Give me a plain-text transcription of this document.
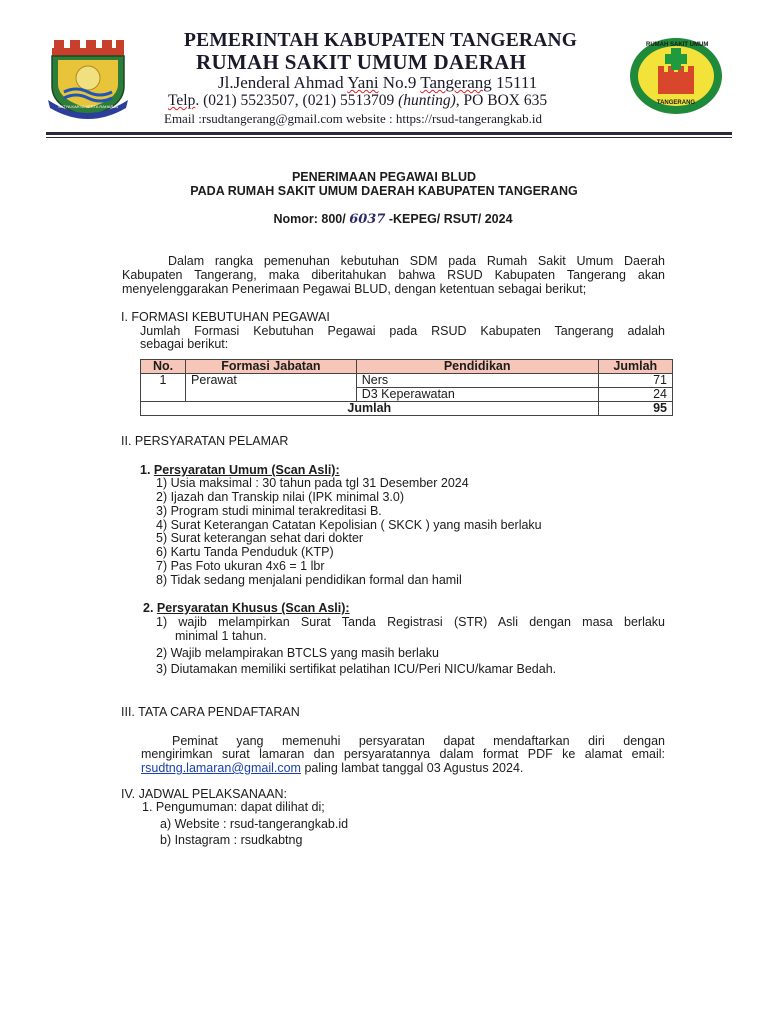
SATYA KARYA KERTA RAHARJA
PEMERINTAH KABUPATEN TANGERANG
RUMAH SAKIT UMUM DAERAH
Jl.Jenderal Ahmad Yani No.9 Tangerang 15111
Telp. (021) 5523507, (021) 5513709 (hunting), PO BOX 635
Email :rsudtangerang@gmail.com website : https://rsud-tangerangkab.id
RUMAH SAKIT UMUM
TANGERANG
PENERIMAAN PEGAWAI BLUD
PADA RUMAH SAKIT UMUM DAERAH KABUPATEN TANGERANG
Nomor: 800/ 6037 -KEPEG/ RSUT/ 2024
Dalam rangka pemenuhan kebutuhan SDM pada Rumah Sakit Umum Daerah
Kabupaten Tangerang, maka diberitahukan bahwa RSUD Kabupaten Tangerang akan
menyelenggarakan Penerimaan Pegawai BLUD, dengan ketentuan sebagai berikut;
I. FORMASI KEBUTUHAN PEGAWAI
Jumlah Formasi Kebutuhan Pegawai pada RSUD Kabupaten Tangerang adalah
sebagai berikut:
No.	Formasi Jabatan	Pendidikan	Jumlah
1	Perawat	Ners	71
		D3 Keperawatan	24
Jumlah			95
II. PERSYARATAN PELAMAR
1. Persyaratan Umum (Scan Asli):
1) Usia maksimal : 30 tahun pada tgl 31 Desember 2024
2) Ijazah dan Transkip nilai (IPK minimal 3.0)
3) Program studi minimal terakreditasi B.
4) Surat Keterangan Catatan Kepolisian ( SKCK ) yang masih berlaku
5) Surat keterangan sehat dari dokter
6) Kartu Tanda Penduduk (KTP)
7) Pas Foto ukuran 4x6 = 1 lbr
8) Tidak sedang menjalani pendidikan formal dan hamil
2. Persyaratan Khusus (Scan Asli):
1) wajib melampirkan Surat Tanda Registrasi (STR) Asli dengan masa berlaku
minimal 1 tahun.
2) Wajib melampirakan BTCLS yang masih berlaku
3) Diutamakan memiliki sertifikat pelatihan ICU/Peri NICU/kamar Bedah.
III. TATA CARA PENDAFTARAN
Peminat yang memenuhi persyaratan dapat mendaftarkan diri dengan
mengirimkan surat lamaran dan persyaratannya dalam format PDF ke alamat email:
rsudtng.lamaran@gmail.com paling lambat tanggal 03 Agustus 2024.
IV. JADWAL PELAKSANAAN:
1. Pengumuman: dapat dilihat di;
a) Website : rsud-tangerangkab.id
b) Instagram : rsudkabtng
